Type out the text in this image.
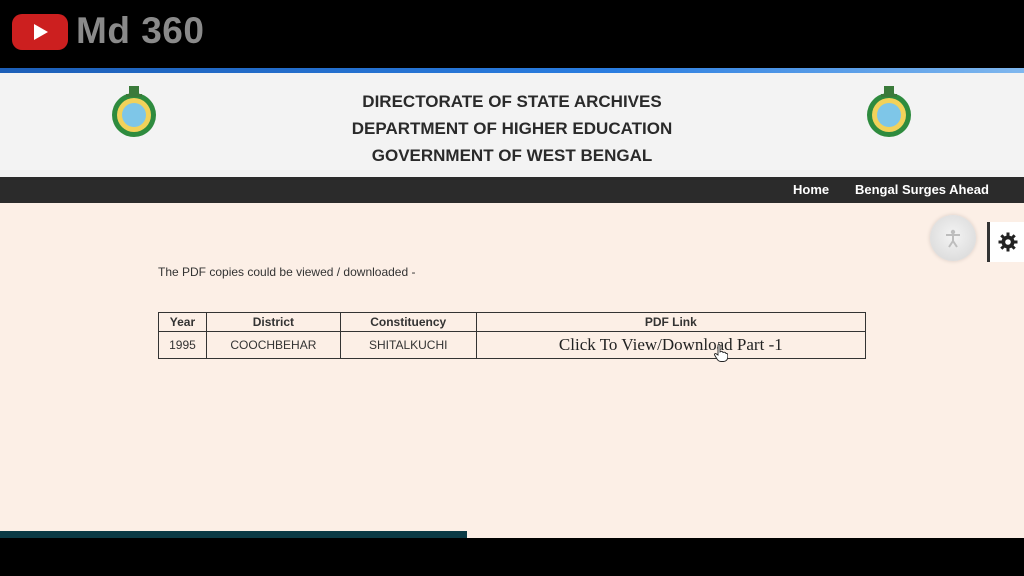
Md 360
DIRECTORATE OF STATE ARCHIVES
DEPARTMENT OF HIGHER EDUCATION
GOVERNMENT OF WEST BENGAL
Home Bengal Surges Ahead
The PDF copies could be viewed / downloaded -
Year	District	Constituency	PDF Link
1995	COOCHBEHAR	SHITALKUCHI	Click To View/Download Part -1
